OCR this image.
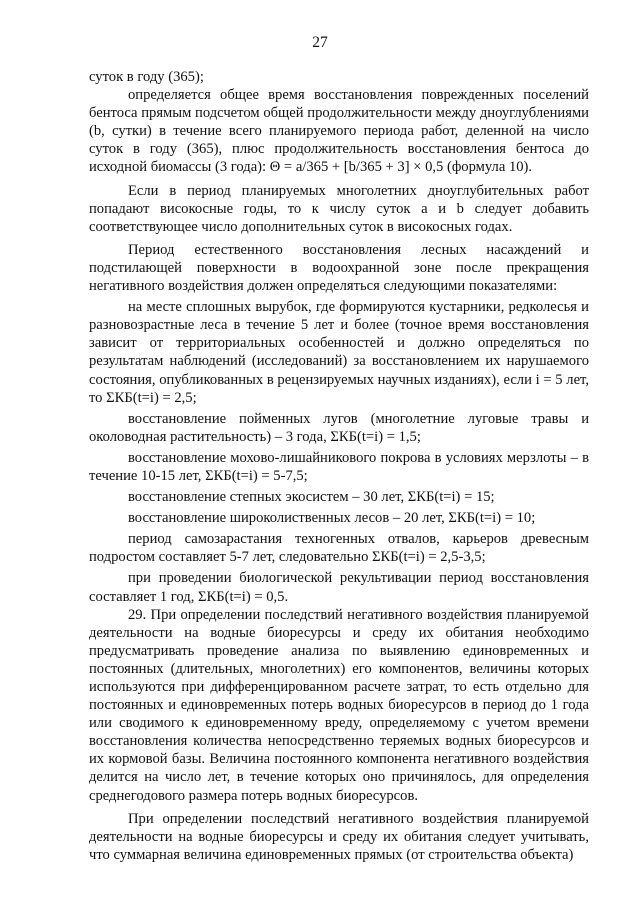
27

суток в году (365);

определяется общее время восстановления поврежденных поселений бентоса прямым подсчетом общей продолжительности между дноуглублениями (b, сутки) в течение всего планируемого периода работ, деленной на число суток в году (365), плюс продолжительность восстановления бентоса до исходной биомассы (3 года): Θ = a/365 + [b/365 + 3] × 0,5 (формула 10).

Если в период планируемых многолетних дноуглубительных работ попадают високосные годы, то к числу суток a и b следует добавить соответствующее число дополнительных суток в високосных годах.

Период естественного восстановления лесных насаждений и подстилающей поверхности в водоохранной зоне после прекращения негативного воздействия должен определяться следующими показателями:

на месте сплошных вырубок, где формируются кустарники, редколесья и разновозрастные леса в течение 5 лет и более (точное время восстановления зависит от территориальных особенностей и должно определяться по результатам наблюдений (исследований) за восстановлением их нарушаемого состояния, опубликованных в рецензируемых научных изданиях), если i = 5 лет, то ΣКБ(t=i) = 2,5;

восстановление пойменных лугов (многолетние луговые травы и околоводная растительность) – 3 года, ΣКБ(t=i) = 1,5;

восстановление мохово-лишайникового покрова в условиях мерзлоты – в течение 10-15 лет, ΣКБ(t=i) = 5-7,5;

восстановление степных экосистем – 30 лет, ΣКБ(t=i) = 15;

восстановление широколиственных лесов – 20 лет, ΣКБ(t=i) = 10;

период самозарастания техногенных отвалов, карьеров древесным подростом составляет 5-7 лет, следовательно ΣКБ(t=i) = 2,5-3,5;

при проведении биологической рекультивации период восстановления составляет 1 год, ΣКБ(t=i) = 0,5.

29. При определении последствий негативного воздействия планируемой деятельности на водные биоресурсы и среду их обитания необходимо предусматривать проведение анализа по выявлению единовременных и постоянных (длительных, многолетних) его компонентов, величины которых используются при дифференцированном расчете затрат, то есть отдельно для постоянных и единовременных потерь водных биоресурсов в период до 1 года или сводимого к единовременному вреду, определяемому с учетом времени восстановления количества непосредственно теряемых водных биоресурсов и их кормовой базы. Величина постоянного компонента негативного воздействия делится на число лет, в течение которых оно причинялось, для определения среднегодового размера потерь водных биоресурсов.

При определении последствий негативного воздействия планируемой деятельности на водные биоресурсы и среду их обитания следует учитывать, что суммарная величина единовременных прямых (от строительства объекта)
